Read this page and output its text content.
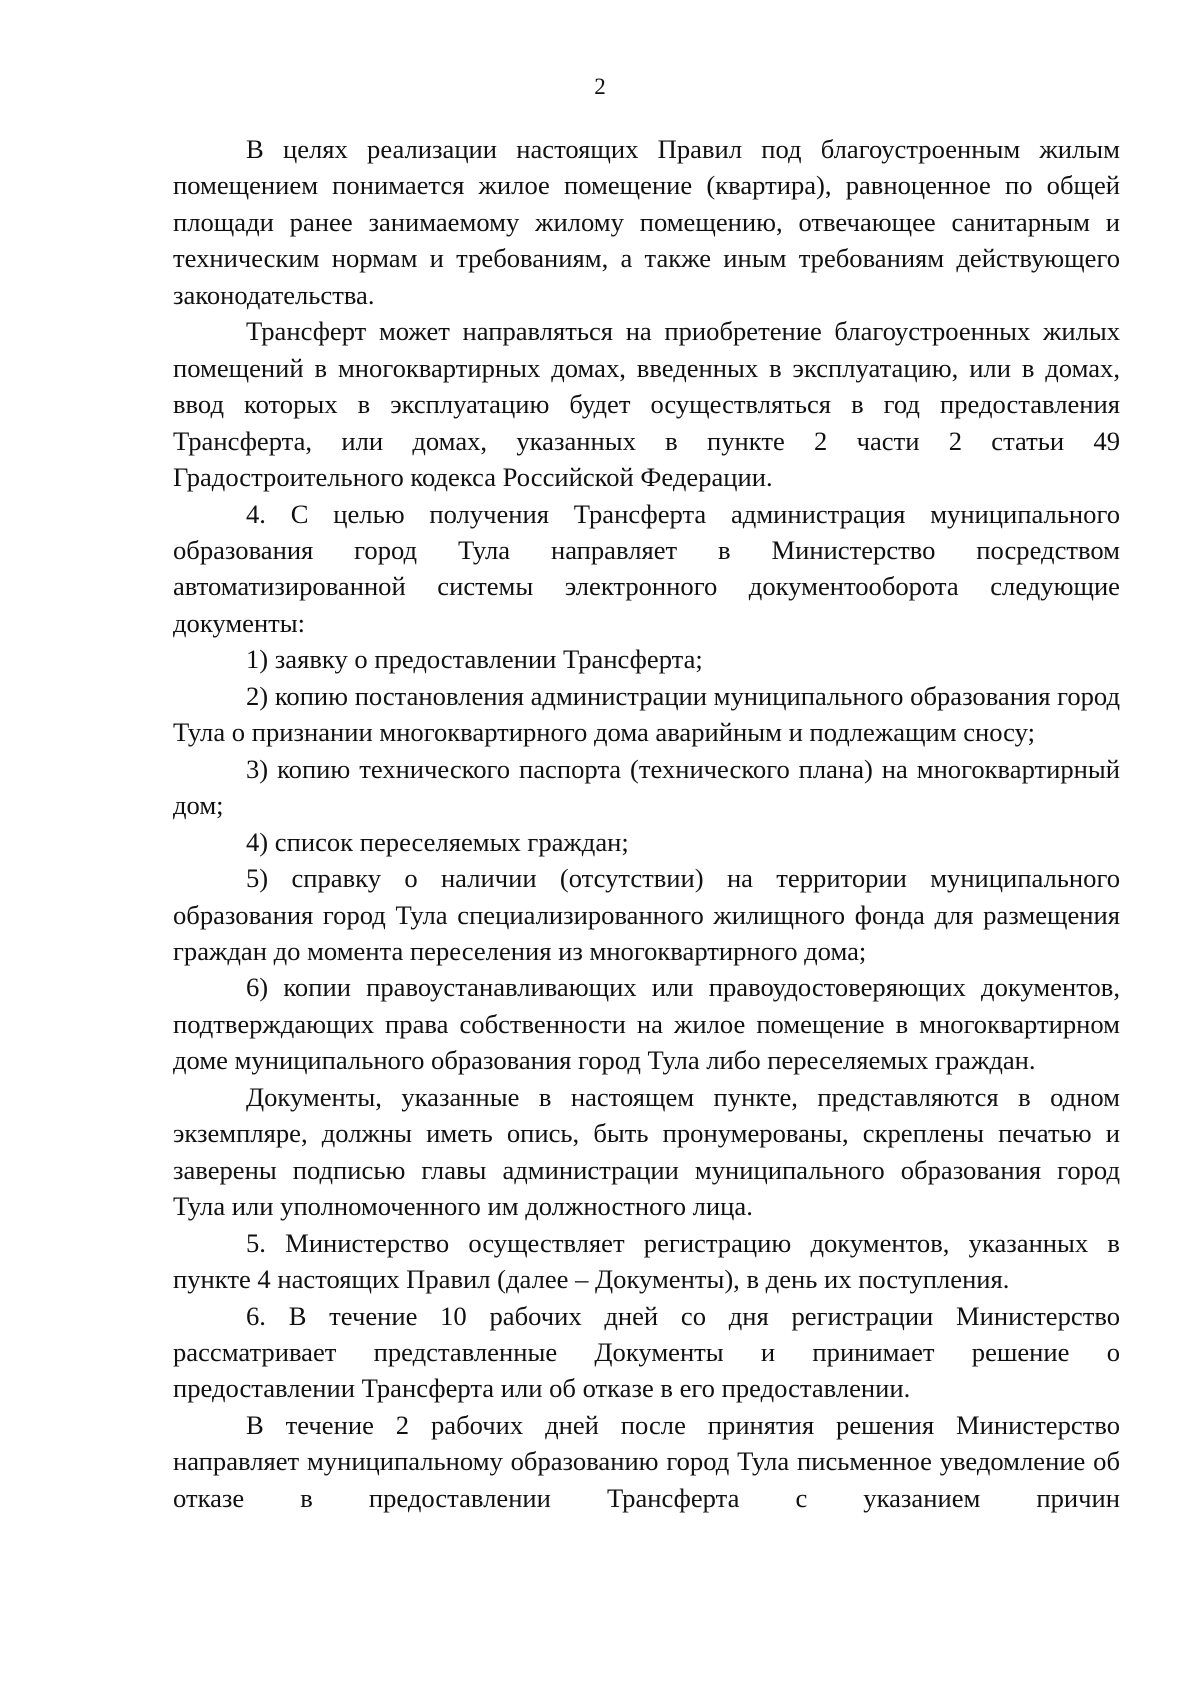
2

В целях реализации настоящих Правил под благоустроенным жилым помещением понимается жилое помещение (квартира), равноценное по общей площади ранее занимаемому жилому помещению, отвечающее санитарным и техническим нормам и требованиям, а также иным требованиям действующего законодательства.

Трансферт может направляться на приобретение благоустроенных жилых помещений в многоквартирных домах, введенных в эксплуатацию, или в домах, ввод которых в эксплуатацию будет осуществляться в год предоставления Трансферта, или домах, указанных в пункте 2 части 2 статьи 49 Градостроительного кодекса Российской Федерации.

4. С целью получения Трансферта администрация муниципального образования город Тула направляет в Министерство посредством автоматизированной системы электронного документооборота следующие документы:

1) заявку о предоставлении Трансферта;

2) копию постановления администрации муниципального образования город Тула о признании многоквартирного дома аварийным и подлежащим сносу;

3) копию технического паспорта (технического плана) на многоквартирный дом;

4) список переселяемых граждан;

5) справку о наличии (отсутствии) на территории муниципального образования город Тула специализированного жилищного фонда для размещения граждан до момента переселения из многоквартирного дома;

6) копии правоустанавливающих или правоудостоверяющих документов, подтверждающих права собственности на жилое помещение в многоквартирном доме муниципального образования город Тула либо переселяемых граждан.

Документы, указанные в настоящем пункте, представляются в одном экземпляре, должны иметь опись, быть пронумерованы, скреплены печатью и заверены подписью главы администрации муниципального образования город Тула или уполномоченного им должностного лица.

5. Министерство осуществляет регистрацию документов, указанных в пункте 4 настоящих Правил (далее – Документы), в день их поступления.

6. В течение 10 рабочих дней со дня регистрации Министерство рассматривает представленные Документы и принимает решение о предоставлении Трансферта или об отказе в его предоставлении.

В течение 2 рабочих дней после принятия решения Министерство направляет муниципальному образованию город Тула письменное уведомление об отказе в предоставлении Трансферта с указанием причин
